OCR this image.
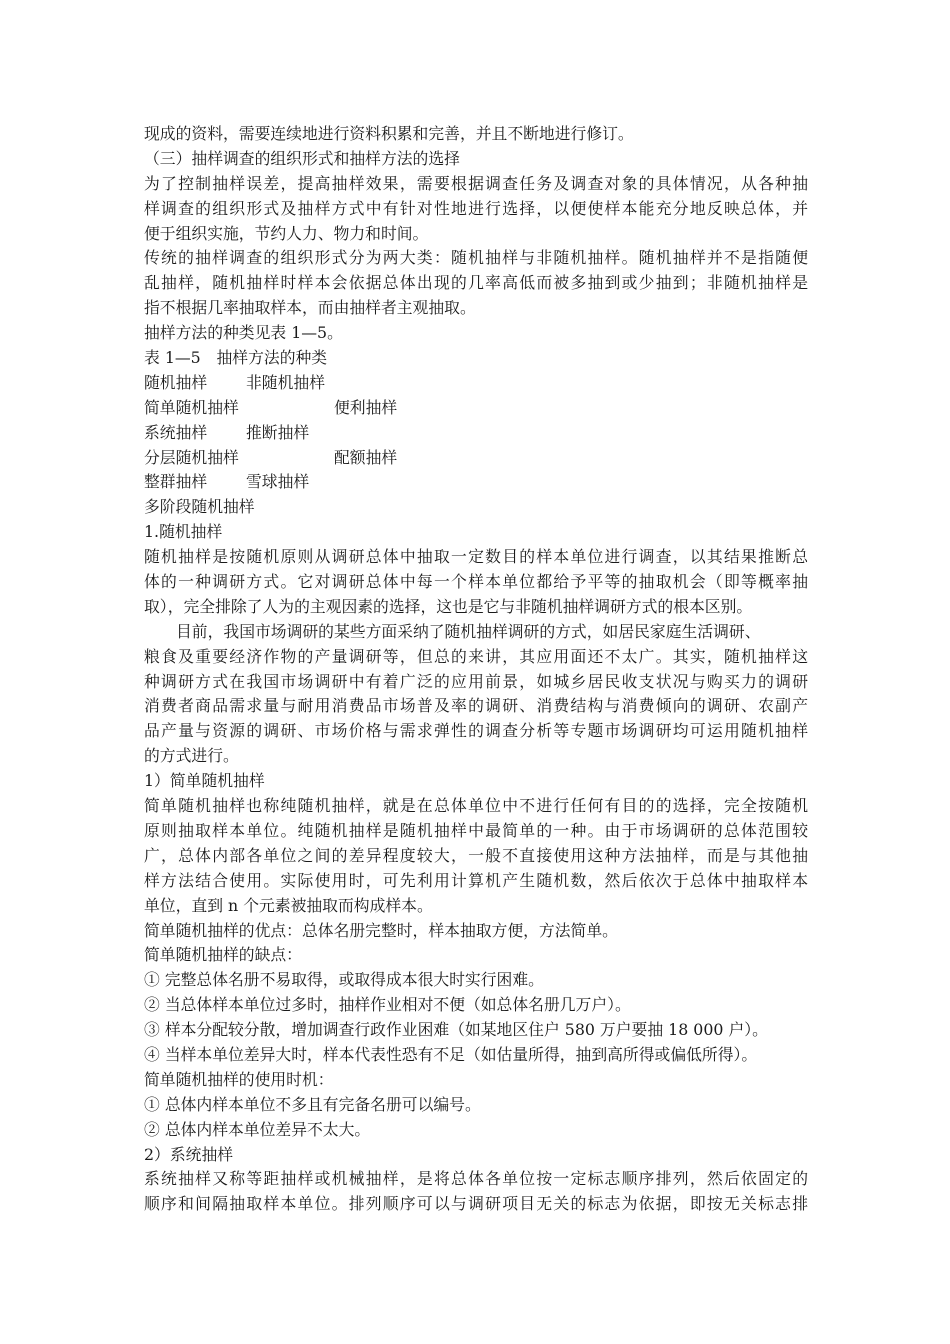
现成的资料，需要连续地进行资料积累和完善，并且不断地进行修订。
（三）抽样调查的组织形式和抽样方法的选择
为了控制抽样误差，提高抽样效果，需要根据调查任务及调查对象的具体情况，从各种抽
样调查的组织形式及抽样方式中有针对性地进行选择，以便使样本能充分地反映总体，并
便于组织实施，节约人力、物力和时间。
传统的抽样调查的组织形式分为两大类：随机抽样与非随机抽样。随机抽样并不是指随便
乱抽样，随机抽样时样本会依据总体出现的几率高低而被多抽到或少抽到；非随机抽样是
指不根据几率抽取样本，而由抽样者主观抽取。
抽样方法的种类见表 1—5。
表 1—5　抽样方法的种类
随机抽样	非随机抽样
简单随机抽样	便利抽样
系统抽样	推断抽样
分层随机抽样	配额抽样
整群抽样	雪球抽样
多阶段随机抽样
1.随机抽样
随机抽样是按随机原则从调研总体中抽取一定数目的样本单位进行调查，以其结果推断总
体的一种调研方式。它对调研总体中每一个样本单位都给予平等的抽取机会（即等概率抽
取），完全排除了人为的主观因素的选择，这也是它与非随机抽样调研方式的根本区别。
目前，我国市场调研的某些方面采纳了随机抽样调研的方式，如居民家庭生活调研、
粮食及重要经济作物的产量调研等，但总的来讲，其应用面还不太广。其实，随机抽样这
种调研方式在我国市场调研中有着广泛的应用前景，如城乡居民收支状况与购买力的调研
消费者商品需求量与耐用消费品市场普及率的调研、消费结构与消费倾向的调研、农副产
品产量与资源的调研、市场价格与需求弹性的调查分析等专题市场调研均可运用随机抽样
的方式进行。
1）简单随机抽样
简单随机抽样也称纯随机抽样，就是在总体单位中不进行任何有目的的选择，完全按随机
原则抽取样本单位。纯随机抽样是随机抽样中最简单的一种。由于市场调研的总体范围较
广，总体内部各单位之间的差异程度较大，一般不直接使用这种方法抽样，而是与其他抽
样方法结合使用。实际使用时，可先利用计算机产生随机数，然后依次于总体中抽取样本
单位，直到 n 个元素被抽取而构成样本。
简单随机抽样的优点：总体名册完整时，样本抽取方便，方法简单。
简单随机抽样的缺点：
① 完整总体名册不易取得，或取得成本很大时实行困难。
② 当总体样本单位过多时，抽样作业相对不便（如总体名册几万户）。
③ 样本分配较分散，增加调查行政作业困难（如某地区住户 580 万户要抽 18 000 户）。
④ 当样本单位差异大时，样本代表性恐有不足（如估量所得，抽到高所得或偏低所得）。
简单随机抽样的使用时机：
① 总体内样本单位不多且有完备名册可以编号。
② 总体内样本单位差异不太大。
2）系统抽样
系统抽样又称等距抽样或机械抽样，是将总体各单位按一定标志顺序排列，然后依固定的
顺序和间隔抽取样本单位。排列顺序可以与调研项目无关的标志为依据，即按无关标志排
